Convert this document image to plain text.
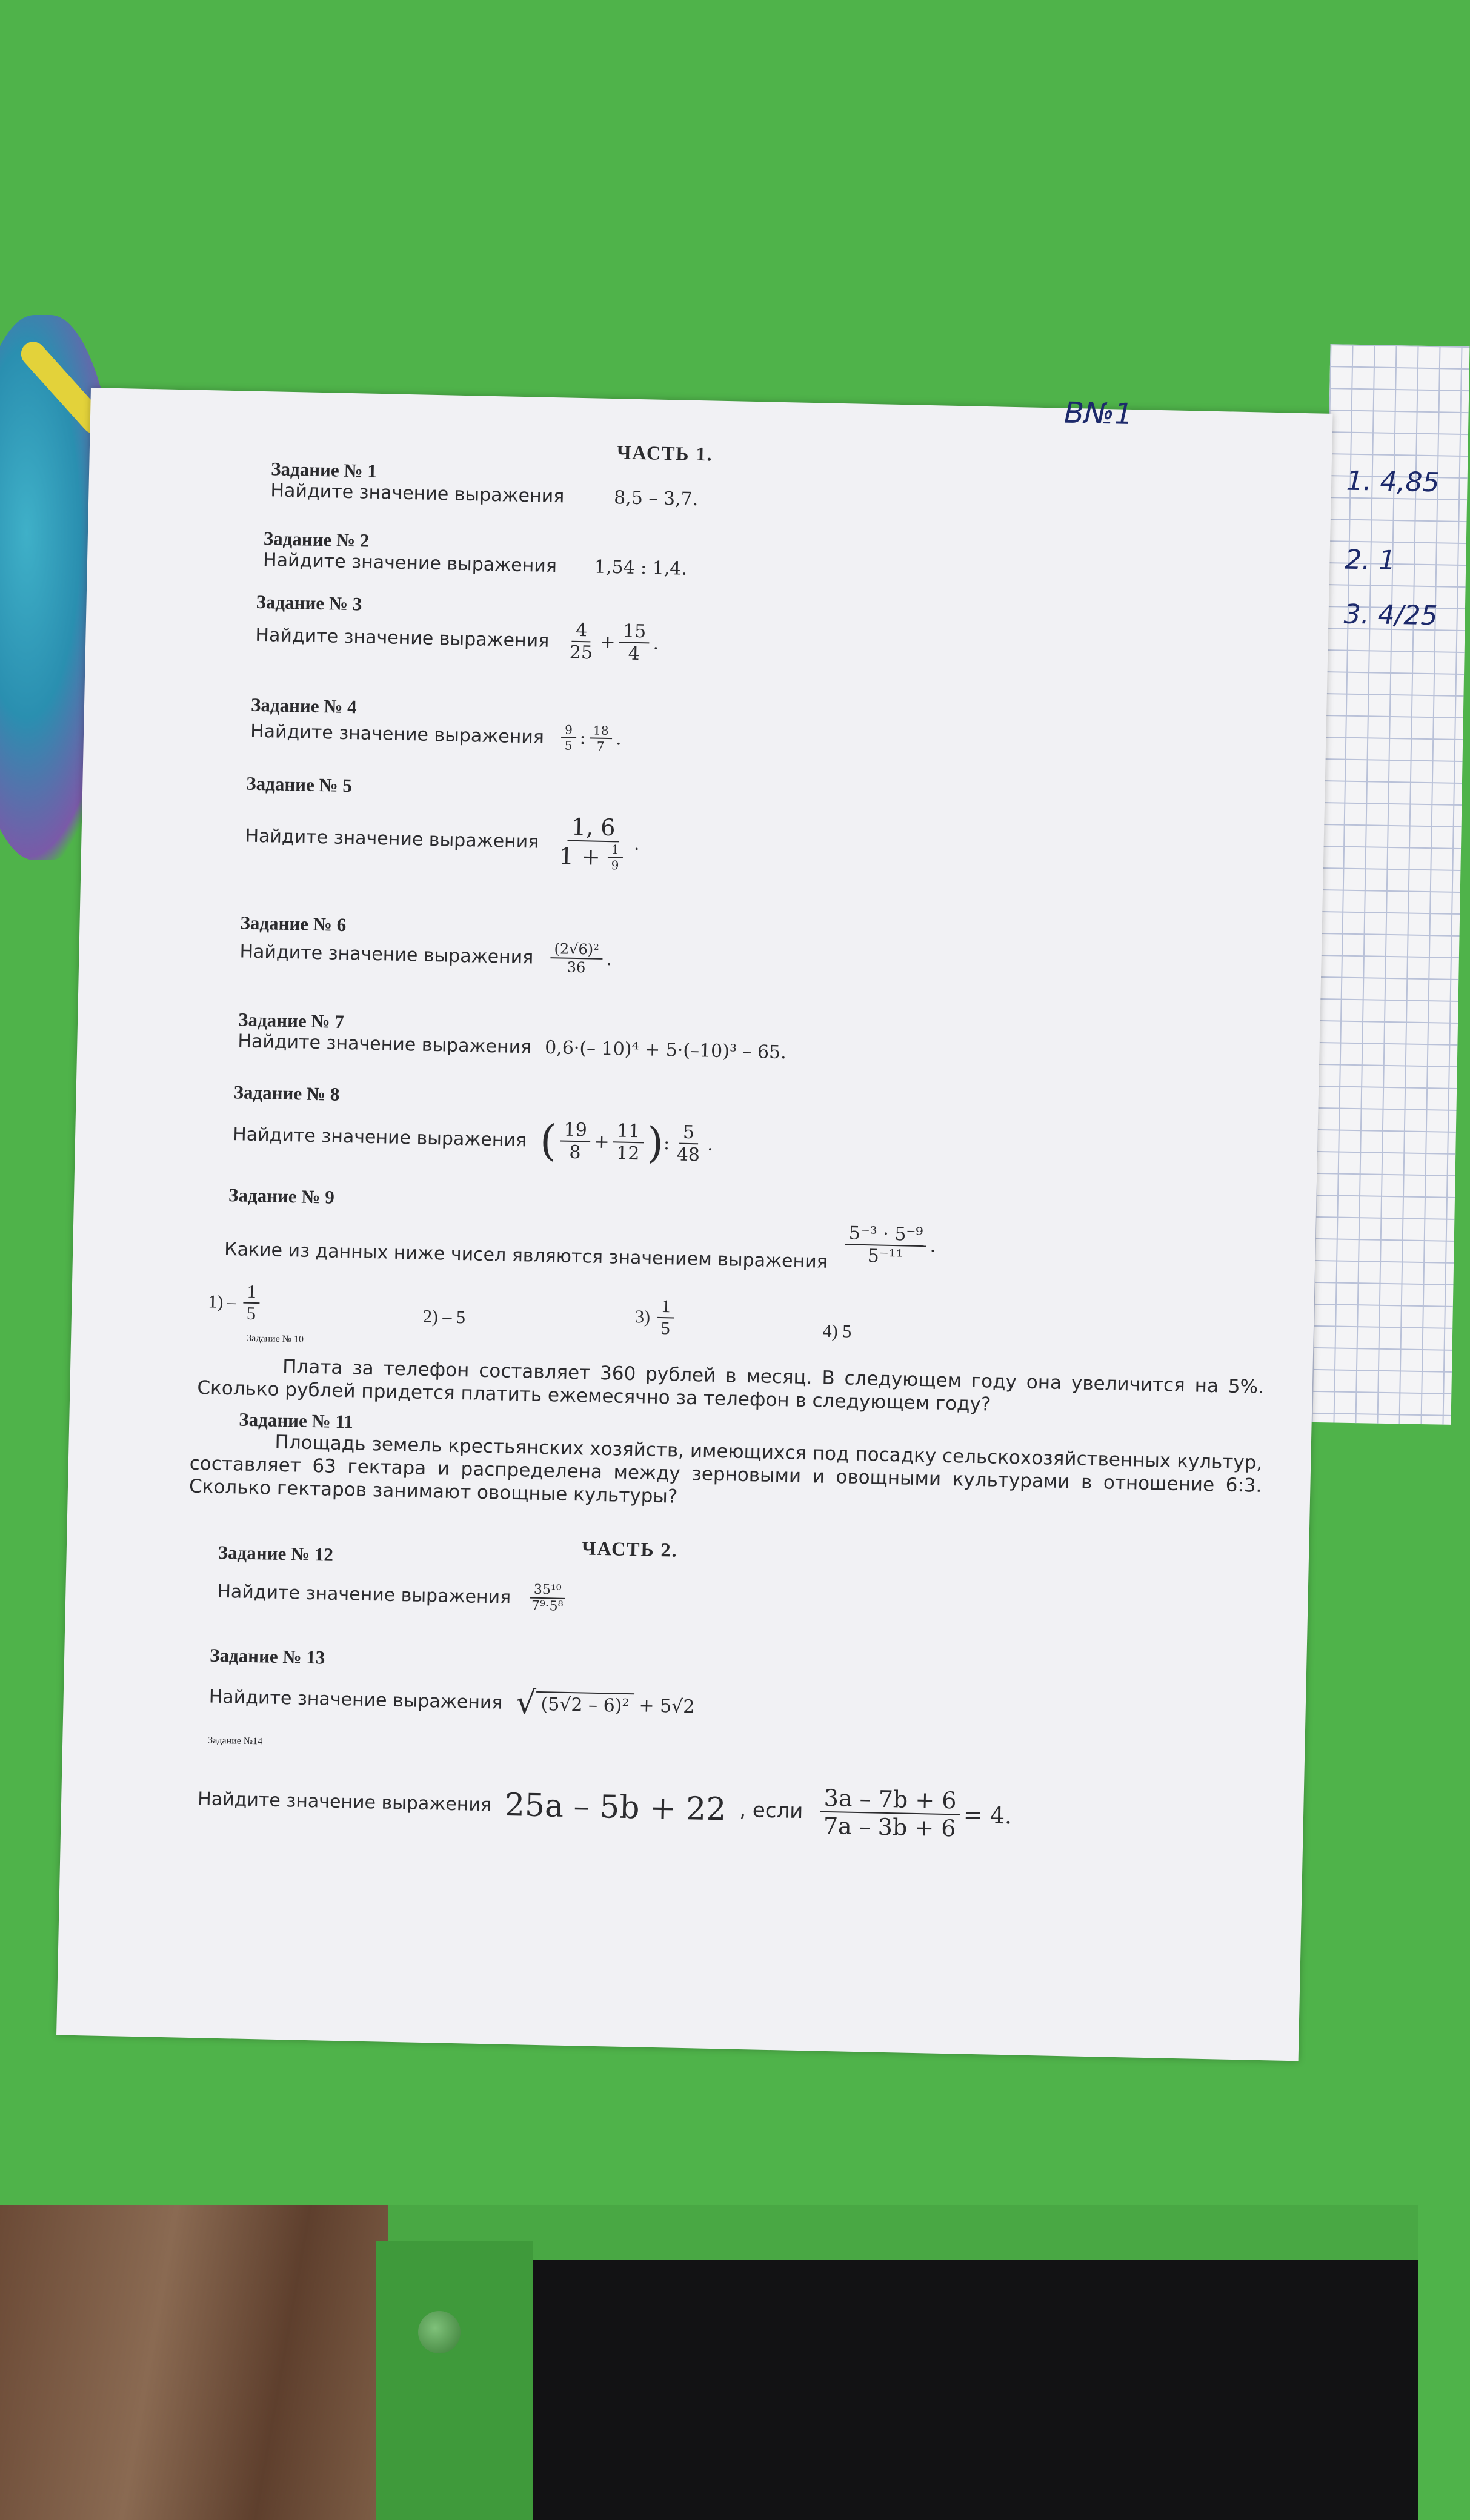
1. 4,85
2. 1
3. 4/25
В№1
ЧАСТЬ 1.
Задание № 1
Найдите значение выражения	8,5 – 3,7.
Задание № 2
Найдите значение выражения 1,54 : 1,4.
Задание № 3
Найдите значение выражения $\frac{4}{25} + \frac{15}{4}$ .
Задание № 4
Найдите значение выражения $\frac{9}{5}$ : $\frac{18}{7}$ .
Задание № 5
Найдите значение выражения $\frac{1, 6}{1 + \frac{1}{9}}$ .
Задание № 6
Найдите значение выражения $\frac{\text{(2√6)²}}{36}$ .
Задание № 7
Найдите значение выражения 0,6·(– 10)⁴ + 5·(–10)³ – 65.
Задание № 8
Найдите значение выражения ( $\frac{19}{8} + \frac{11}{12}$ )
: $\frac{5}{48}$ .
Задание № 9
Какие из данных ниже чисел являются значением выражения $\frac{\text{5⁻³ · 5⁻⁹}}{\text{5⁻¹¹}}$ .
$1) - \frac{1}{5}$	2) – 5	$3) \frac{1}{5}$	4) 5
Задание № 10
Плата за телефон составляет 360 рублей в месяц. В следующем году она увеличится на 5%. Сколько рублей придется платить ежемесячно за телефон в следующем году?
Задание № 11
Площадь земель крестьянских хозяйств, имеющихся под посадку сельскохозяйственных культур, составляет 63 гектара и распределена между зерновыми и овощными культурами в отношение 6:3. Сколько гектаров занимают овощные культуры?
ЧАСТЬ 2.
Задание № 12
Найдите значение выражения $\frac{\text{35¹⁰}}{\text{7⁹·5⁸}}$
Задание № 13
Найдите значение выражения √ (5√2 – 6)² + 5√2
Задание №14
Найдите значение выражения 25a – 5b + 22 , если $\frac{3a - 7b + 6}{7a - 3b + 6} = 4$.
